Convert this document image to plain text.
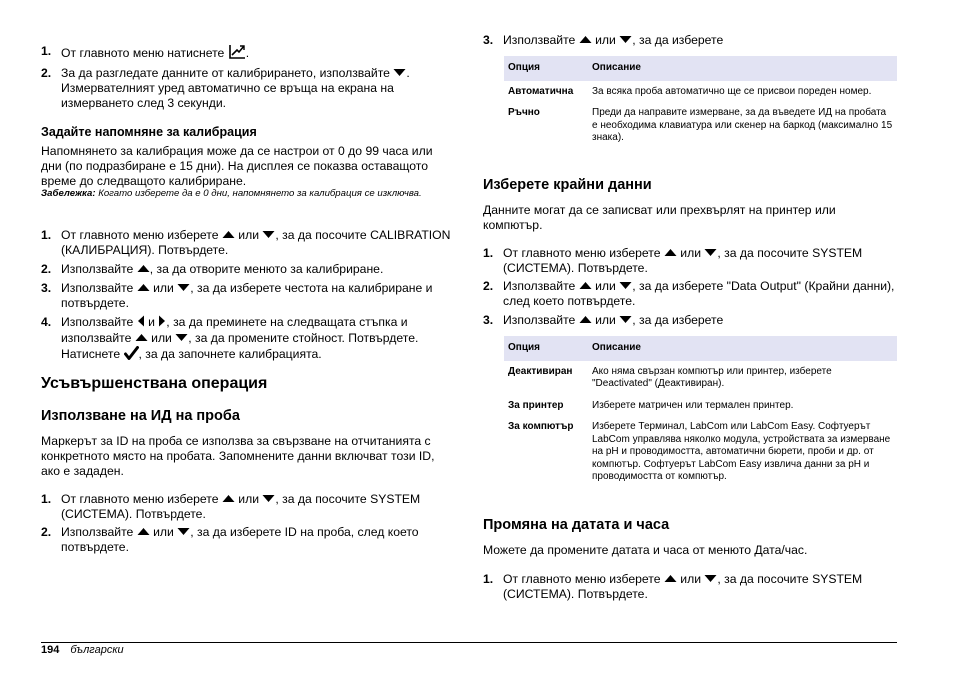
1. От главното меню натиснете .
2. За да разгледате данните от калибрирането, използвайте . Измервателният уред автоматично се връща на екрана на измерването след 3 секунди.
Задайте напомняне за калибрация
Напомнянето за калибрация може да се настрои от 0 до 99 часа или дни (по подразбиране е 15 дни). На дисплея се показва оставащото време до следващото калибриране.
Забележка: Когато изберете да е 0 дни, напомнянето за калибрация се изключва.
1. От главното меню изберете  или , за да посочите CALIBRATION (КАЛИБРАЦИЯ). Потвърдете.
2. Използвайте , за да отворите менюто за калибриране.
3. Използвайте  или , за да изберете честота на калибриране и потвърдете.
4. Използвайте  и , за да преминете на следващата стъпка и използвайте  или , за да промените стойност. Потвърдете. Натиснете , за да започнете калибрацията.
Усъвършенствана операция
Използване на ИД на проба
Маркерът за ID на проба се използва за свързване на отчитанията с конкретното място на пробата. Запомнените данни включват този ID, ако е зададен.
1. От главното меню изберете  или , за да посочите SYSTEM (СИСТЕМА). Потвърдете.
2. Използвайте  или , за да изберете ID на проба, след което потвърдете.
3. Използвайте  или , за да изберете
Опция	Описание
Автоматична	За всяка проба автоматично ще се присвои пореден номер.
Ръчно	Преди да направите измерване, за да въведете ИД на пробата е необходима клавиатура или скенер на баркод (максимално 15 знака).
Изберете крайни данни
Данните могат да се записват или прехвърлят на принтер или компютър.
1. От главното меню изберете  или , за да посочите SYSTEM (СИСТЕМА). Потвърдете.
2. Използвайте  или , за да изберете "Data Output" (Крайни данни), след което потвърдете.
3. Използвайте  или , за да изберете
Опция	Описание
Деактивиран	Ако няма свързан компютър или принтер, изберете "Deactivated" (Деактивиран).
За принтер	Изберете матричен или термален принтер.
За компютър	Изберете Терминал, LabCom или LabCom Easy. Софтуерът LabCom управлява няколко модула, устройствата за измерване на pH и проводимостта, автоматични бюрети, проби и др. от компютър. Софтуерът LabCom Easy извлича данни за pH и проводимостта от компютър.
Промяна на датата и часа
Можете да промените датата и часа от менюто Дата/час.
1. От главното меню изберете  или , за да посочите SYSTEM (СИСТЕМА). Потвърдете.
194 български
